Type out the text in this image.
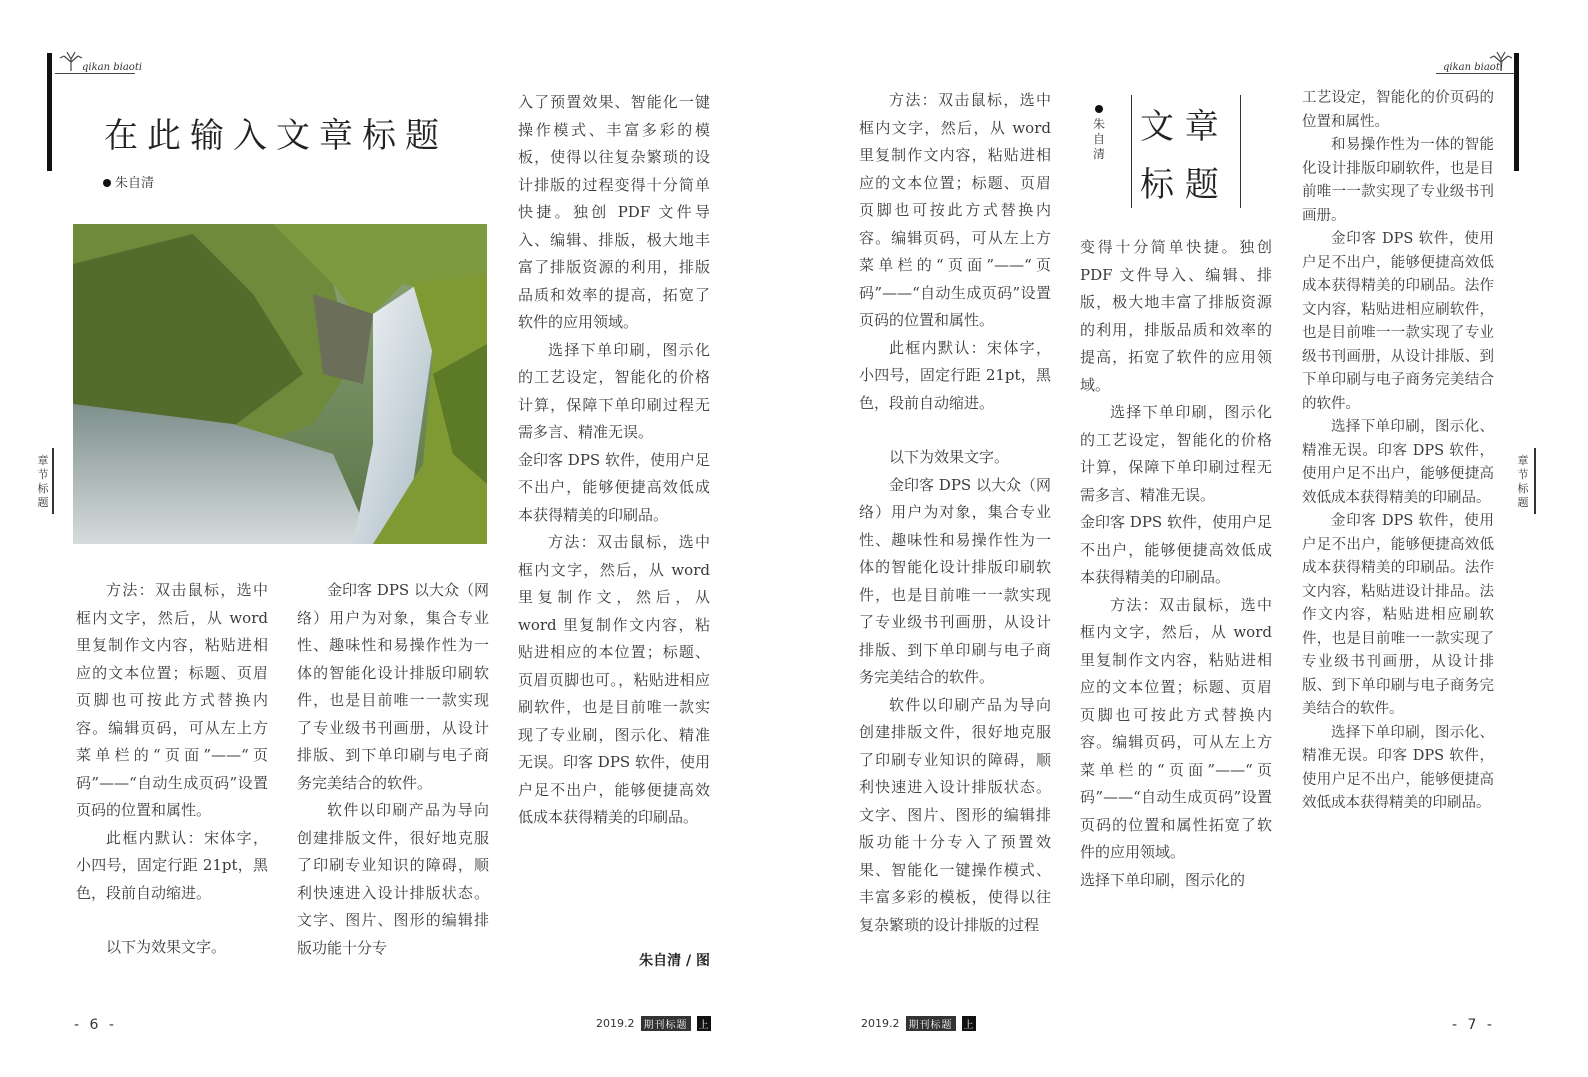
qikan biaoti
在此输入文章标题
朱自清

方法：双击鼠标，选中框内文字，然后，从 word 里复制作文内容，粘贴进相应的文本位置；标题、页眉页脚也可按此方式替换内容。编辑页码，可从左上方菜单栏的“页面”——“页码”——“自动生成页码”设置页码的位置和属性。

此框内默认：宋体字，小四号，固定行距 21pt，黑色，段前自动缩进。

以下为效果文字。

金印客 DPS 以大众（网络）用户为对象，集合专业性、趣味性和易操作性为一体的智能化设计排版印刷软件，也是目前唯一一款实现了专业级书刊画册，从设计排版、到下单印刷与电子商务完美结合的软件。

软件以印刷产品为导向创建排版文件，很好地克服了印刷专业知识的障碍，顺利快速进入设计排版状态。文字、图片、图形的编辑排版功能十分专

入了预置效果、智能化一键操作模式、丰富多彩的模板，使得以往复杂繁琐的设计排版的过程变得十分简单快捷。独创 PDF 文件导入、编辑、排版，极大地丰富了排版资源的利用，排版品质和效率的提高，拓宽了软件的应用领域。

选择下单印刷，图示化的工艺设定，智能化的价格计算，保障下单印刷过程无需多言、精准无误。

金印客 DPS 软件，使用户足不出户，能够便捷高效低成本获得精美的印刷品。

方法：双击鼠标，选中框内文字，然后，从 word 里复制作文，然后，从 word 里复制作文内容，粘贴进相应的本位置；标题、页眉页脚也可。，粘贴进相应刷软件，也是目前唯一款实现了专业刷，图示化、精准无误。印客 DPS 软件，使用户足不出户，能够便捷高效低成本获得精美的印刷品。

朱自清 / 图
章节标题
- 6 -	2019.2 期刊标题	上
qikan biaoti

方法：双击鼠标，选中框内文字，然后，从 word 里复制作文内容，粘贴进相应的文本位置；标题、页眉页脚也可按此方式替换内容。编辑页码，可从左上方菜单栏的“页面”——“页码”——“自动生成页码”设置页码的位置和属性。

此框内默认：宋体字，小四号，固定行距 21pt，黑色，段前自动缩进。

以下为效果文字。

金印客 DPS 以大众（网络）用户为对象，集合专业性、趣味性和易操作性为一体的智能化设计排版印刷软件，也是目前唯一一款实现了专业级书刊画册，从设计排版、到下单印刷与电子商务完美结合的软件。

软件以印刷产品为导向创建排版文件，很好地克服了印刷专业知识的障碍，顺利快速进入设计排版状态。文字、图片、图形的编辑排版功能十分专入了预置效果、智能化一键操作模式、丰富多彩的模板，使得以往复杂繁琐的设计排版的过程

文 章
标 题
朱自清

变得十分简单快捷。独创 PDF 文件导入、编辑、排版，极大地丰富了排版资源的利用，排版品质和效率的提高，拓宽了软件的应用领域。

选择下单印刷，图示化的工艺设定，智能化的价格计算，保障下单印刷过程无需多言、精准无误。

金印客 DPS 软件，使用户足不出户，能够便捷高效低成本获得精美的印刷品。

方法：双击鼠标，选中框内文字，然后，从 word 里复制作文内容，粘贴进相应的文本位置；标题、页眉页脚也可按此方式替换内容。编辑页码，可从左上方菜单栏的“页面”——“页码”——“自动生成页码”设置页码的位置和属性拓宽了软件的应用领域。

选择下单印刷，图示化的

工艺设定，智能化的价页码的位置和属性。

和易操作性为一体的智能化设计排版印刷软件，也是目前唯一一款实现了专业级书刊画册。

金印客 DPS 软件，使用户足不出户，能够便捷高效低成本获得精美的印刷品。法作文内容，粘贴进相应刷软件，也是目前唯一一款实现了专业级书刊画册，从设计排版、到下单印刷与电子商务完美结合的软件。

选择下单印刷，图示化、精准无误。印客 DPS 软件，使用户足不出户，能够便捷高效低成本获得精美的印刷品。

金印客 DPS 软件，使用户足不出户，能够便捷高效低成本获得精美的印刷品。法作文内容，粘贴进设计排品。法作文内容，粘贴进相应刷软件，也是目前唯一一款实现了专业级书刊画册，从设计排版、到下单印刷与电子商务完美结合的软件。

选择下单印刷，图示化、精准无误。印客 DPS 软件，使用户足不出户，能够便捷高效低成本获得精美的印刷品。

章节标题
2019.2 期刊标题	上	- 7 -
